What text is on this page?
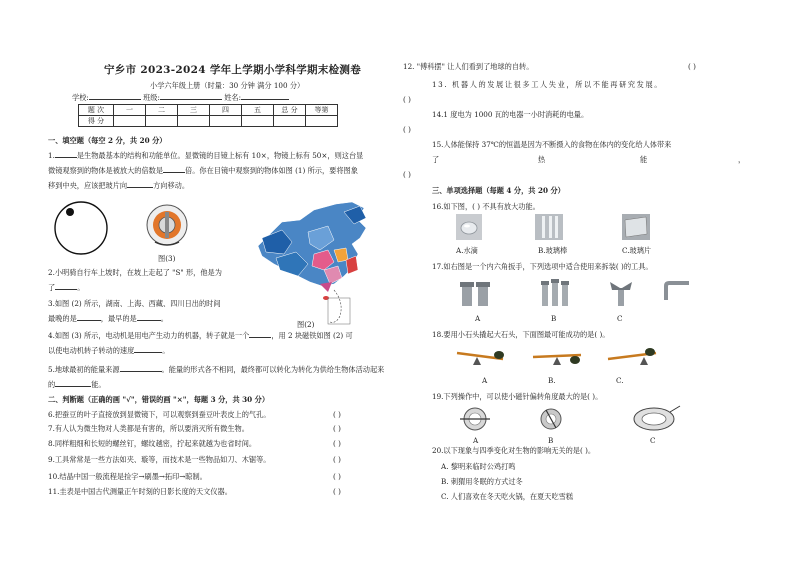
宁乡市 2023-2024 学年上学期小学科学期末检测卷
小学六年级上册（时量：30 分钟 满分 100 分）
学校:	班级:	姓名:
题 次	一	二	三	四	五	总 分	等第
得 分							
一、填空题（每空 2 分，共 20 分）
1.	是生物最基本的结构和功能单位。显微镜的目镜上标有 10×，物镜上标有 50×，则这台显
微镜观察到的物体是被放大的倍数是	倍。你在目镜中观察到的物体如图 (1) 所示，要将图象
移到中央，应该把玻片向	方向移动。
图(3)
图(2)
2.小明骑自行车上坡时，在坡上走起了 "S" 形，他是为
了	。
3.如图 (2) 所示，湖南、上海、西藏、四川日出的时间
最晚的是	，最早的是	。
4.如图 (3) 所示，电动机是用电产生动力的机器，转子就是一个	，用 2 块磁铁如图 (2) 可
以使电动机转子转动的速度	。
5.地球最初的能量来源	。能量的形式各不相同，最终都可以转化为转化为供给生物体活动起来
的	能。
二、判断题（正确的画 "√"，错误的画 "×"，每题 3 分，共 30 分）
6.把蚕豆的叶子直接放到显微镜下，可以观察到蚕豆叶表皮上的气孔。	( )
7.有人认为微生物对人类都是有害的，所以要消灭所有微生物。	( )
8.同样粗细和长短的螺丝钉，螺纹越密，拧起来就越为也省时间。	( )
9.工具常常是一些方法如夹、璇等，而技术是一些物品如刀、木锯等。	( )
10.结晶中国一般流程是捡字→刷墨→拓印→晾制。	( )
11.圭表是中国古代测量正午时刻的日影长度的天文仪器。	( )
12. "傅科摆" 让人们看到了地球的自转。	( )
13. 机器人的发展让很多工人失业，所以不能再研究发展。
( )
14.1 度电为 1000 瓦的电器一小时消耗的电量。
( )
15.人体能保持 37℃的恒温是因为不断摄入的食物在体内的变化给人体带来
了	热	能	，
( )
三、单项选择题（每题 4 分，共 20 分）
16.如下图，( ) 不具有放大功能。
A.水滴	B.玻璃棒	C.玻璃片
17.如右图是一个内六角扳手，下列选项中适合使用来拆装( )的工具。
A	B	C
18.要用小石头撬起大石头，下面图最可能成功的是( )。
A	B.	C.
19.下列操作中，可以使小磁针偏转角度最大的是( )。
A	B	C
20.以下现象与四季变化对生物的影响无关的是( )。
A. 黎明来临时公鸡打鸣
B. 刺猬用冬眠的方式过冬
C. 人们喜欢在冬天吃火锅，在夏天吃雪糕
